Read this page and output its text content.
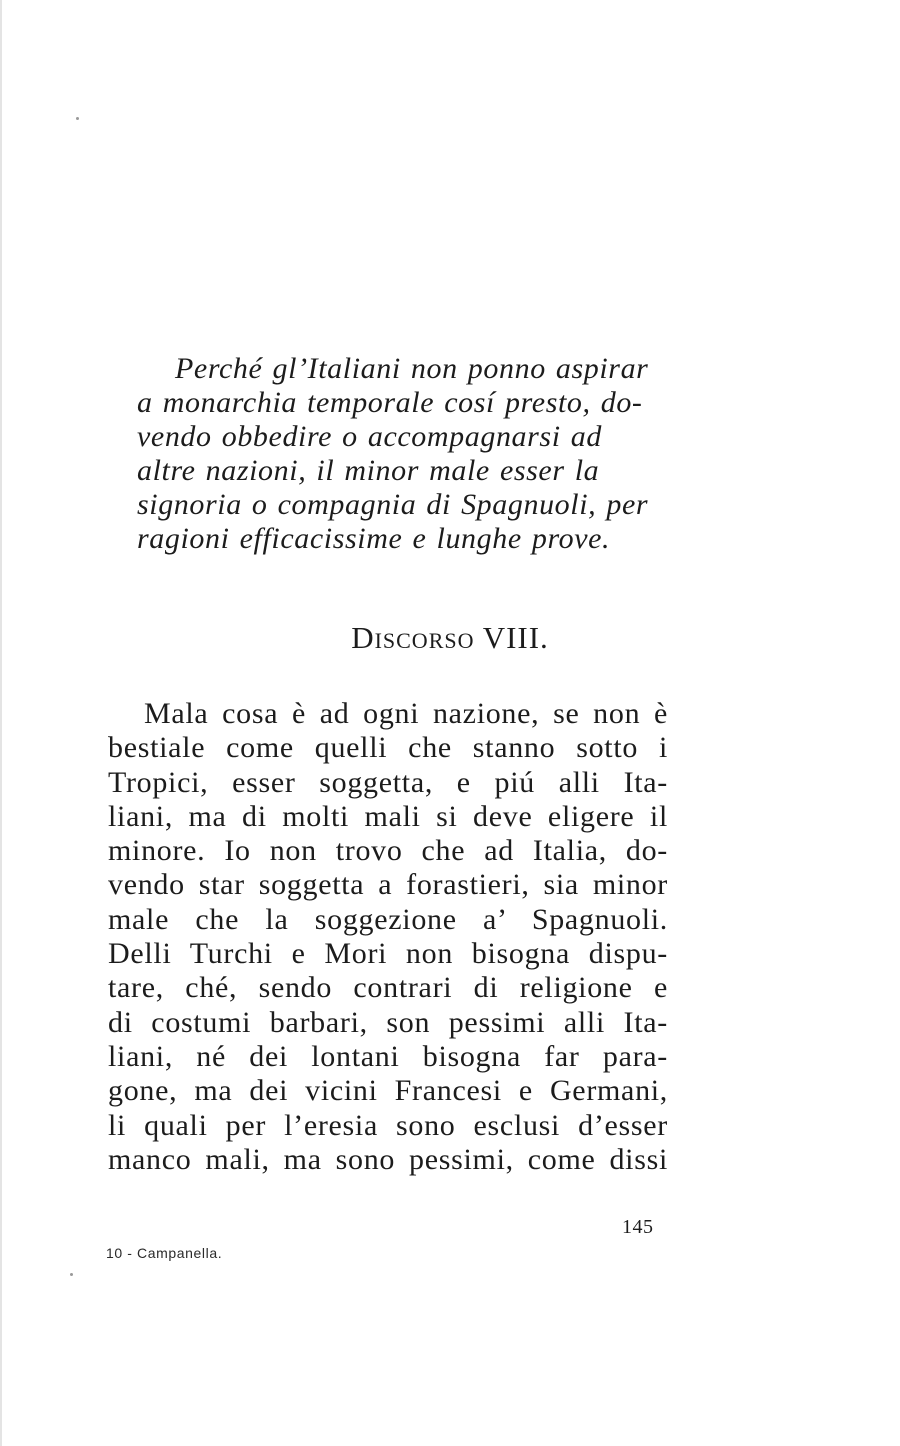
Perché gl’Italiani non ponno aspirar
a monarchia temporale cosí presto, do-
vendo obbedire o accompagnarsi ad
altre nazioni, il minor male esser la
signoria o compagnia di Spagnuoli, per
ragioni efficacissime e lunghe prove.
Discorso VIII.
Mala cosa è ad ogni nazione, se non è
bestiale come quelli che stanno sotto i
Tropici, esser soggetta, e piú alli Ita-
liani, ma di molti mali si deve eligere il
minore. Io non trovo che ad Italia, do-
vendo star soggetta a forastieri, sia minor
male che la soggezione a’ Spagnuoli.
Delli Turchi e Mori non bisogna dispu-
tare, ché, sendo contrari di religione e
di costumi barbari, son pessimi alli Ita-
liani, né dei lontani bisogna far para-
gone, ma dei vicini Francesi e Germani,
li quali per l’eresia sono esclusi d’esser
manco mali, ma sono pessimi, come dissi
145
10 - Campanella.
